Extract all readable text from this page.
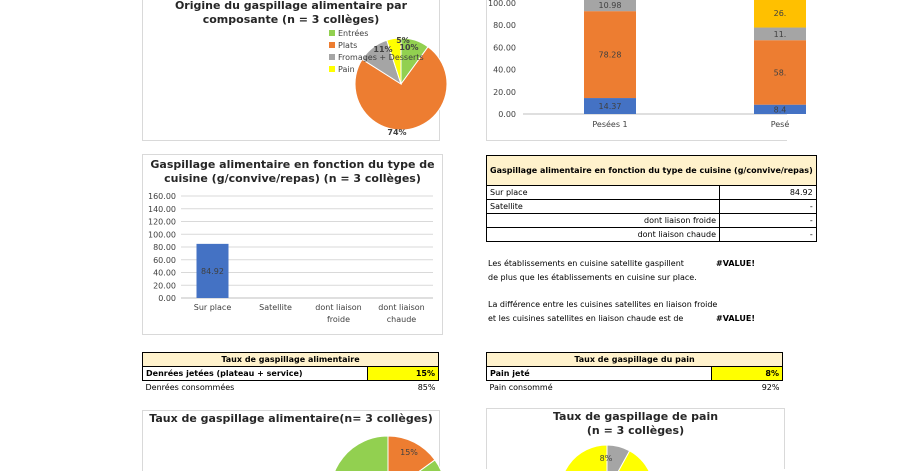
Origine du gaspillage alimentaire par
composante (n = 3 collèges)
10%
74%
11%
5%
Entrées
Plats
Fromages + Desserts
Pain
0.00
20.00
40.00
60.00
80.00
100.00
14.37
78.28
10.98
Pesées 1
8.4
58.
11.
26.
Pesé
Gaspillage alimentaire en fonction du type de
cuisine (g/convive/repas) (n = 3 collèges)
0.00
20.00
40.00
60.00
80.00
100.00
120.00
140.00
160.00
84.92
Sur place	Satellite	dont liaison
froide
dont liaison
chaude
Gaspillage alimentaire en fonction du type de cuisine (g/convive/repas)	
Sur place	84.92
Satellite	-
dont liaison froide	-
dont liaison chaude	-
Les établissements en cuisine satellite gaspillent	#VALUE!
de plus que les établissements en cuisine sur place.
La différence entre les cuisines satellites en liaison froide
et les cuisines satellites en liaison chaude est de	#VALUE!
Taux de gaspillage alimentaire	
Denrées jetées (plateau + service)	15%
Denrées consommées	85%
Taux de gaspillage du pain	
Pain jeté	8%
Pain consommé	92%
Taux de gaspillage alimentaire(n= 3 collèges)
15%
Taux de gaspillage de pain
(n = 3 collèges)
8%
